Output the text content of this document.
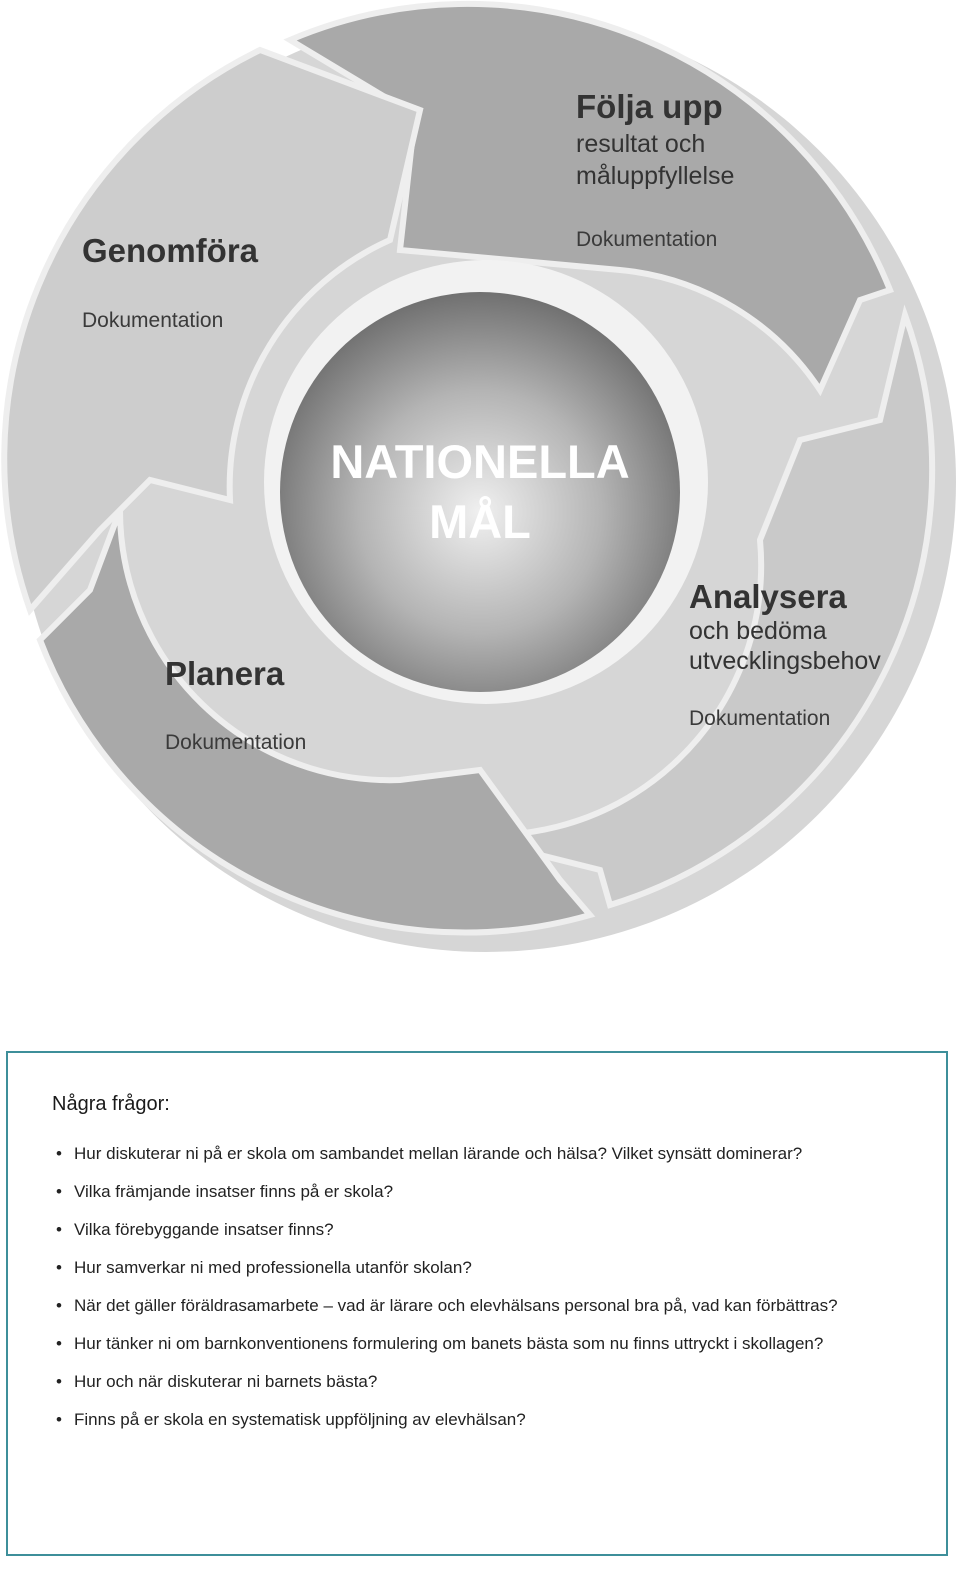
NATIONELLA
MÅL
Följa upp
resultat och
måluppfyllelse
Dokumentation
Analysera
och bedöma
utvecklingsbehov
Dokumentation
Planera
Dokumentation
Genomföra
Dokumentation
Några frågor:
• Hur diskuterar ni på er skola om sambandet mellan lärande och hälsa? Vilket synsätt dominerar?
• Vilka främjande insatser finns på er skola?
• Vilka förebyggande insatser finns?
• Hur samverkar ni med professionella utanför skolan?
• När det gäller föräldrasamarbete – vad är lärare och elevhälsans personal bra på, vad kan förbättras?
• Hur tänker ni om barnkonventionens formulering om banets bästa som nu finns uttryckt i skollagen?
• Hur och när diskuterar ni barnets bästa?
• Finns på er skola en systematisk uppföljning av elevhälsan?
